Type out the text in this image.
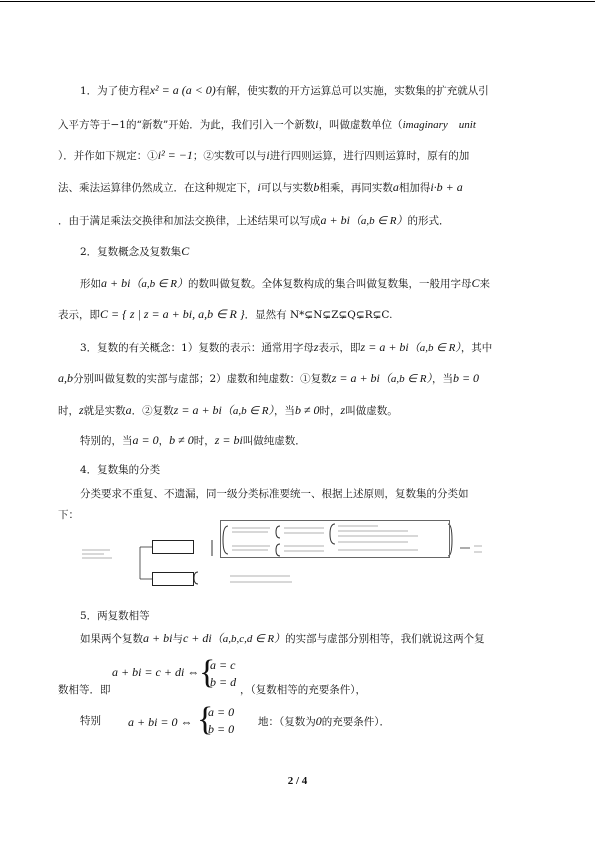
1．为了使方程x² = a (a < 0)有解，使实数的开方运算总可以实施，实数集的扩充就从引
入平方等于−1的“新数”开始．为此，我们引入一个新数i，叫做虚数单位（imaginary　unit
）．并作如下规定：①i² = −1；②实数可以与i进行四则运算，进行四则运算时，原有的加
法、乘法运算律仍然成立．在这种规定下，i可以与实数b相乘，再同实数a相加得i·b + a
．由于满足乘法交换律和加法交换律，上述结果可以写成a + bi（a,b ∈ R）的形式．
2．复数概念及复数集C
形如a + bi（a,b ∈ R）的数叫做复数。全体复数构成的集合叫做复数集，一般用字母C来
表示，即C = { z | z = a + bi, a,b ∈ R }．显然有 N*⊊N⊊Z⊊Q⊊R⊊C.
3．复数的有关概念：1）复数的表示：通常用字母z表示，即z = a + bi（a,b ∈ R），其中
a,b分别叫做复数的实部与虚部；2）虚数和纯虚数：①复数z = a + bi（a,b ∈ R），当b = 0
时，z就是实数a．②复数z = a + bi（a,b ∈ R），当b ≠ 0时，z叫做虚数。
特别的，当a = 0，b ≠ 0时，z = bi叫做纯虚数．
4．复数集的分类
分类要求不重复、不遗漏，同一级分类标准要统一、根据上述原则，复数集的分类如
下：
5．两复数相等
如果两个复数a + bi与c + di（a,b,c,d ∈ R）的实部与虚部分别相等，我们就说这两个复
a + bi = c + di ⇔ {
a = c
b = d
数相等．即	，（复数相等的充要条件），
特别 a + bi = 0 ⇔ {
a = 0
b = 0 地：（复数为0的充要条件）．
2 / 4
